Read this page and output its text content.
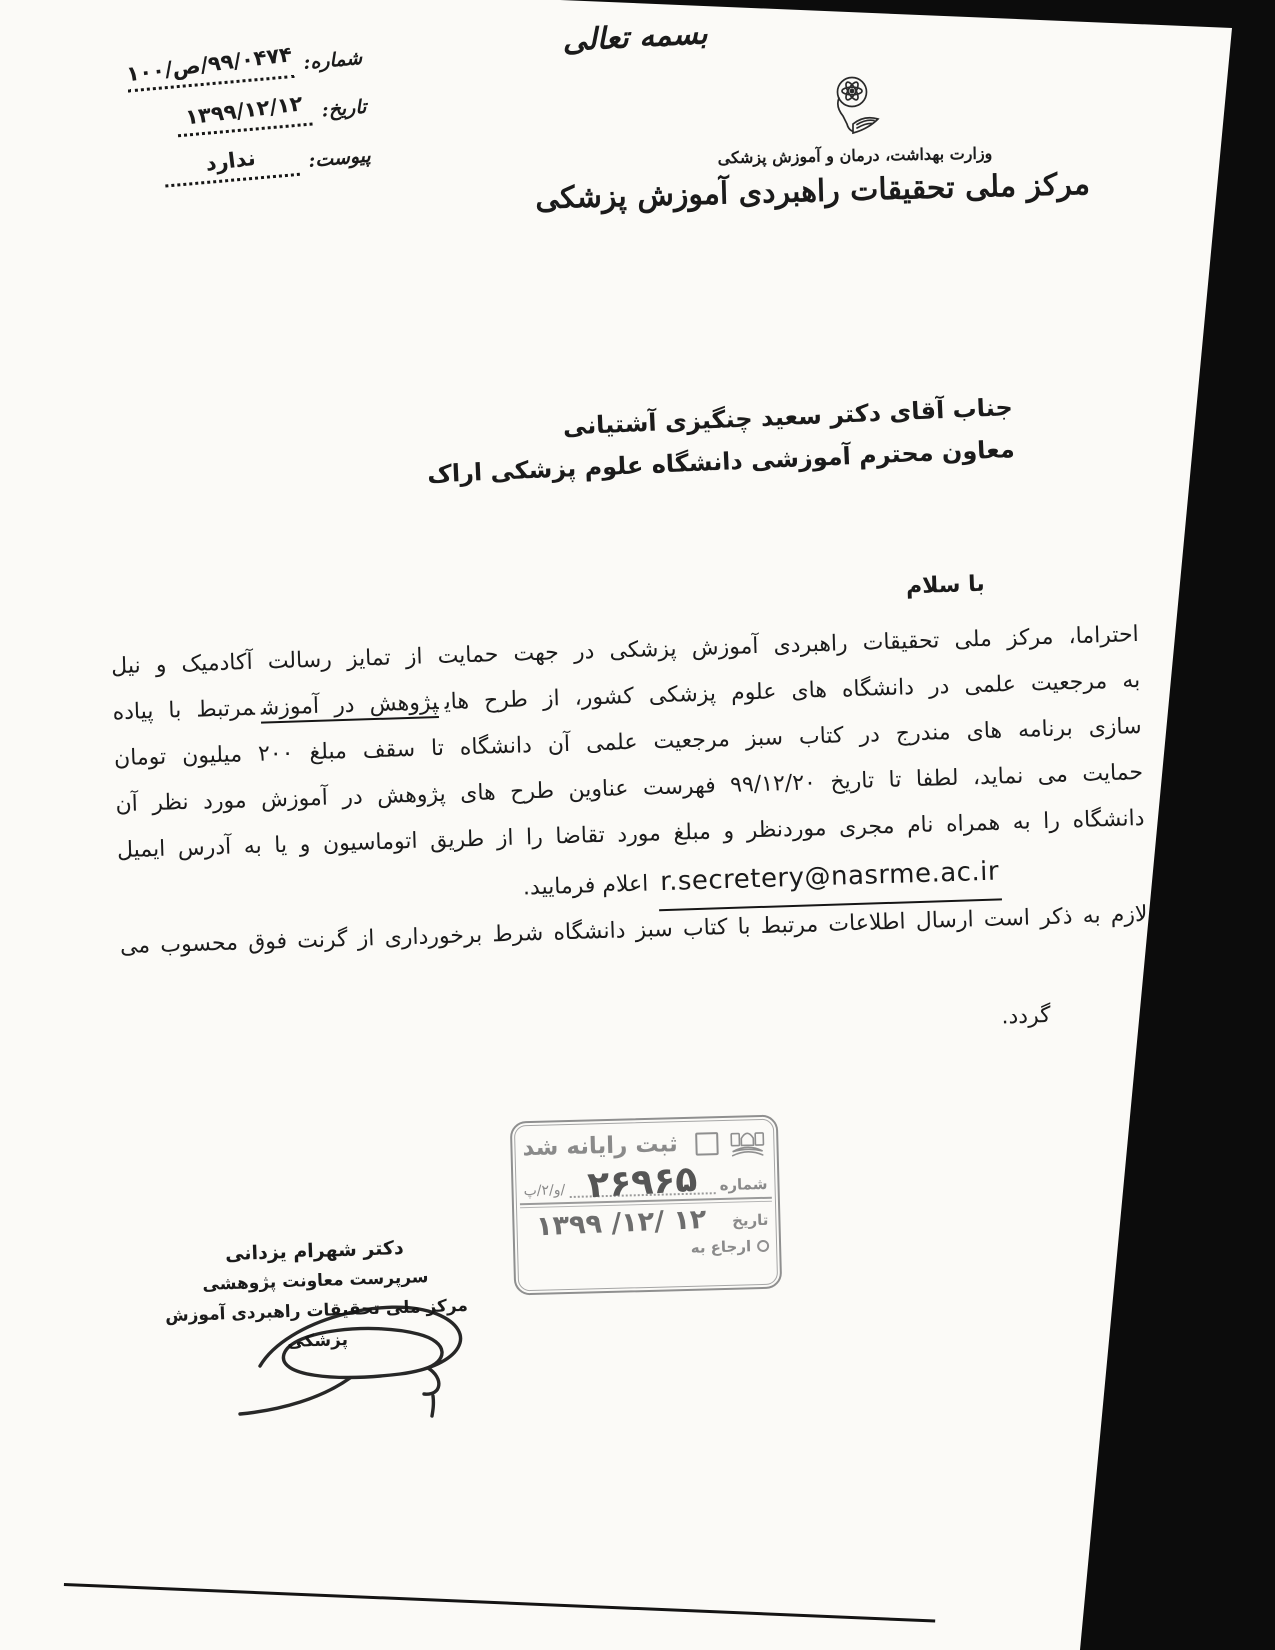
بسمه تعالی
شماره: ۱۰۰/ص/۹۹/۰۴۷۴
تاریخ: ۱۳۹۹/۱۲/۱۲
پیوست: ندارد	وزارت بهداشت، درمان و آموزش پزشکی
مرکز ملی تحقیقات راهبردی آموزش پزشکی
جناب آقای دکتر سعید چنگیزی آشتیانی
معاون محترم آموزشی دانشگاه علوم پزشکی اراک
با سلام
احتراما، مرکز ملی تحقیقات راهبردی آموزش پزشکی در جهت حمایت از تمایز رسالت آکادمیک و نیل
به مرجعیت علمی در دانشگاه های علوم پزشکی کشور، از طرح هایپژوهش در آموزشمرتبط با پیاده
سازی برنامه های مندرج در کتاب سبز مرجعیت علمی آن دانشگاه تا سقف مبلغ ۲۰۰ میلیون تومان
حمایت می نماید، لطفا تا تاریخ ۹۹/۱۲/۲۰ فهرست عناوین طرح های پژوهش در آموزش مورد نظر آن
دانشگاه را به همراه نام مجری موردنظر و مبلغ مورد تقاضا را از طریق اتوماسیون و یا به آدرس ایمیل
r.secretery@nasrme.ac.irاعلام فرمایید.
لازم به ذکر است ارسال اطلاعات مرتبط با کتاب سبز دانشگاه شرط برخورداری از گرنت فوق محسوب می
گردد.
ثبت رایانه شد
شماره
۲۶۹۶۵
/و/۲/پ
تاریخ
۱۲ /۱۲/ ۱۳۹۹
ارجاع به
دکتر شهرام یزدانی
سرپرست معاونت پژوهشی
مرکز ملی تحقیقات راهبردی آموزش پزشکی
